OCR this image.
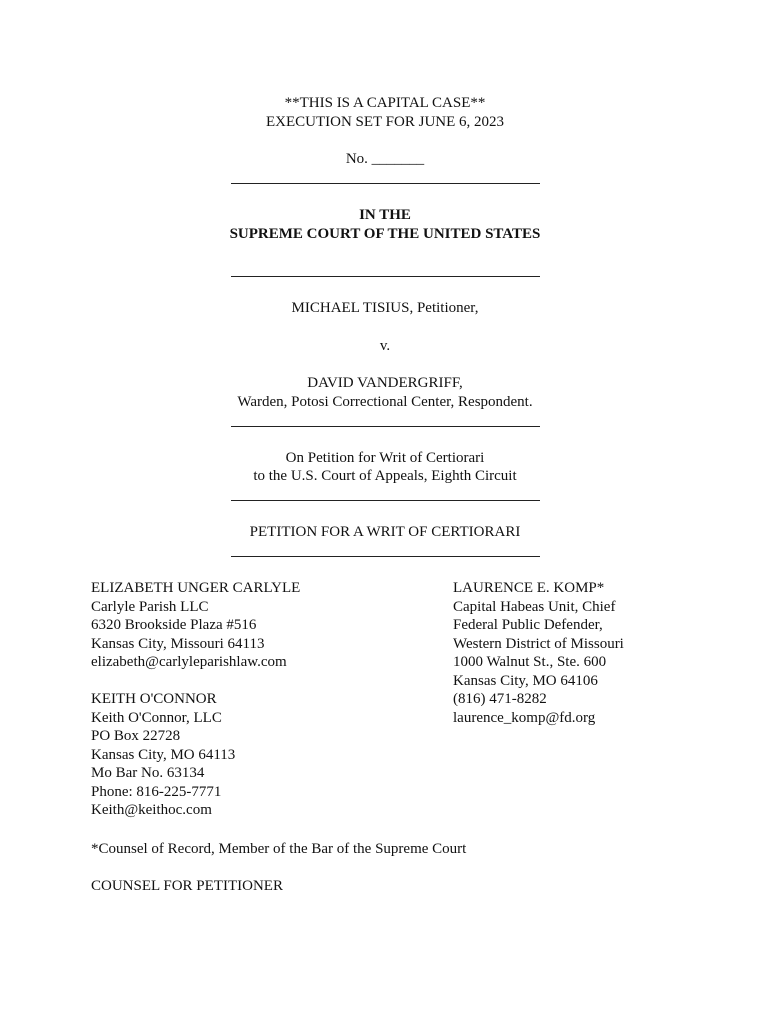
**THIS IS A CAPITAL CASE**
EXECUTION SET FOR JUNE 6, 2023
No. _______
IN THE
SUPREME COURT OF THE UNITED STATES
MICHAEL TISIUS, Petitioner,
v.
DAVID VANDERGRIFF,
Warden, Potosi Correctional Center, Respondent.
On Petition for Writ of Certiorari
to the U.S. Court of Appeals, Eighth Circuit
PETITION FOR A WRIT OF CERTIORARI
ELIZABETH UNGER CARLYLE
Carlyle Parish LLC
6320 Brookside Plaza #516
Kansas City, Missouri 64113
elizabeth@carlyleparishlaw.com
KEITH O'CONNOR
Keith O'Connor, LLC
PO Box 22728
Kansas City, MO 64113
Mo Bar No. 63134
Phone: 816-225-7771
Keith@keithoc.com
LAURENCE E. KOMP*
Capital Habeas Unit, Chief
Federal Public Defender,
Western District of Missouri
1000 Walnut St., Ste. 600
Kansas City, MO 64106
(816) 471-8282
laurence_komp@fd.org
*Counsel of Record, Member of the Bar of the Supreme Court
COUNSEL FOR PETITIONER
